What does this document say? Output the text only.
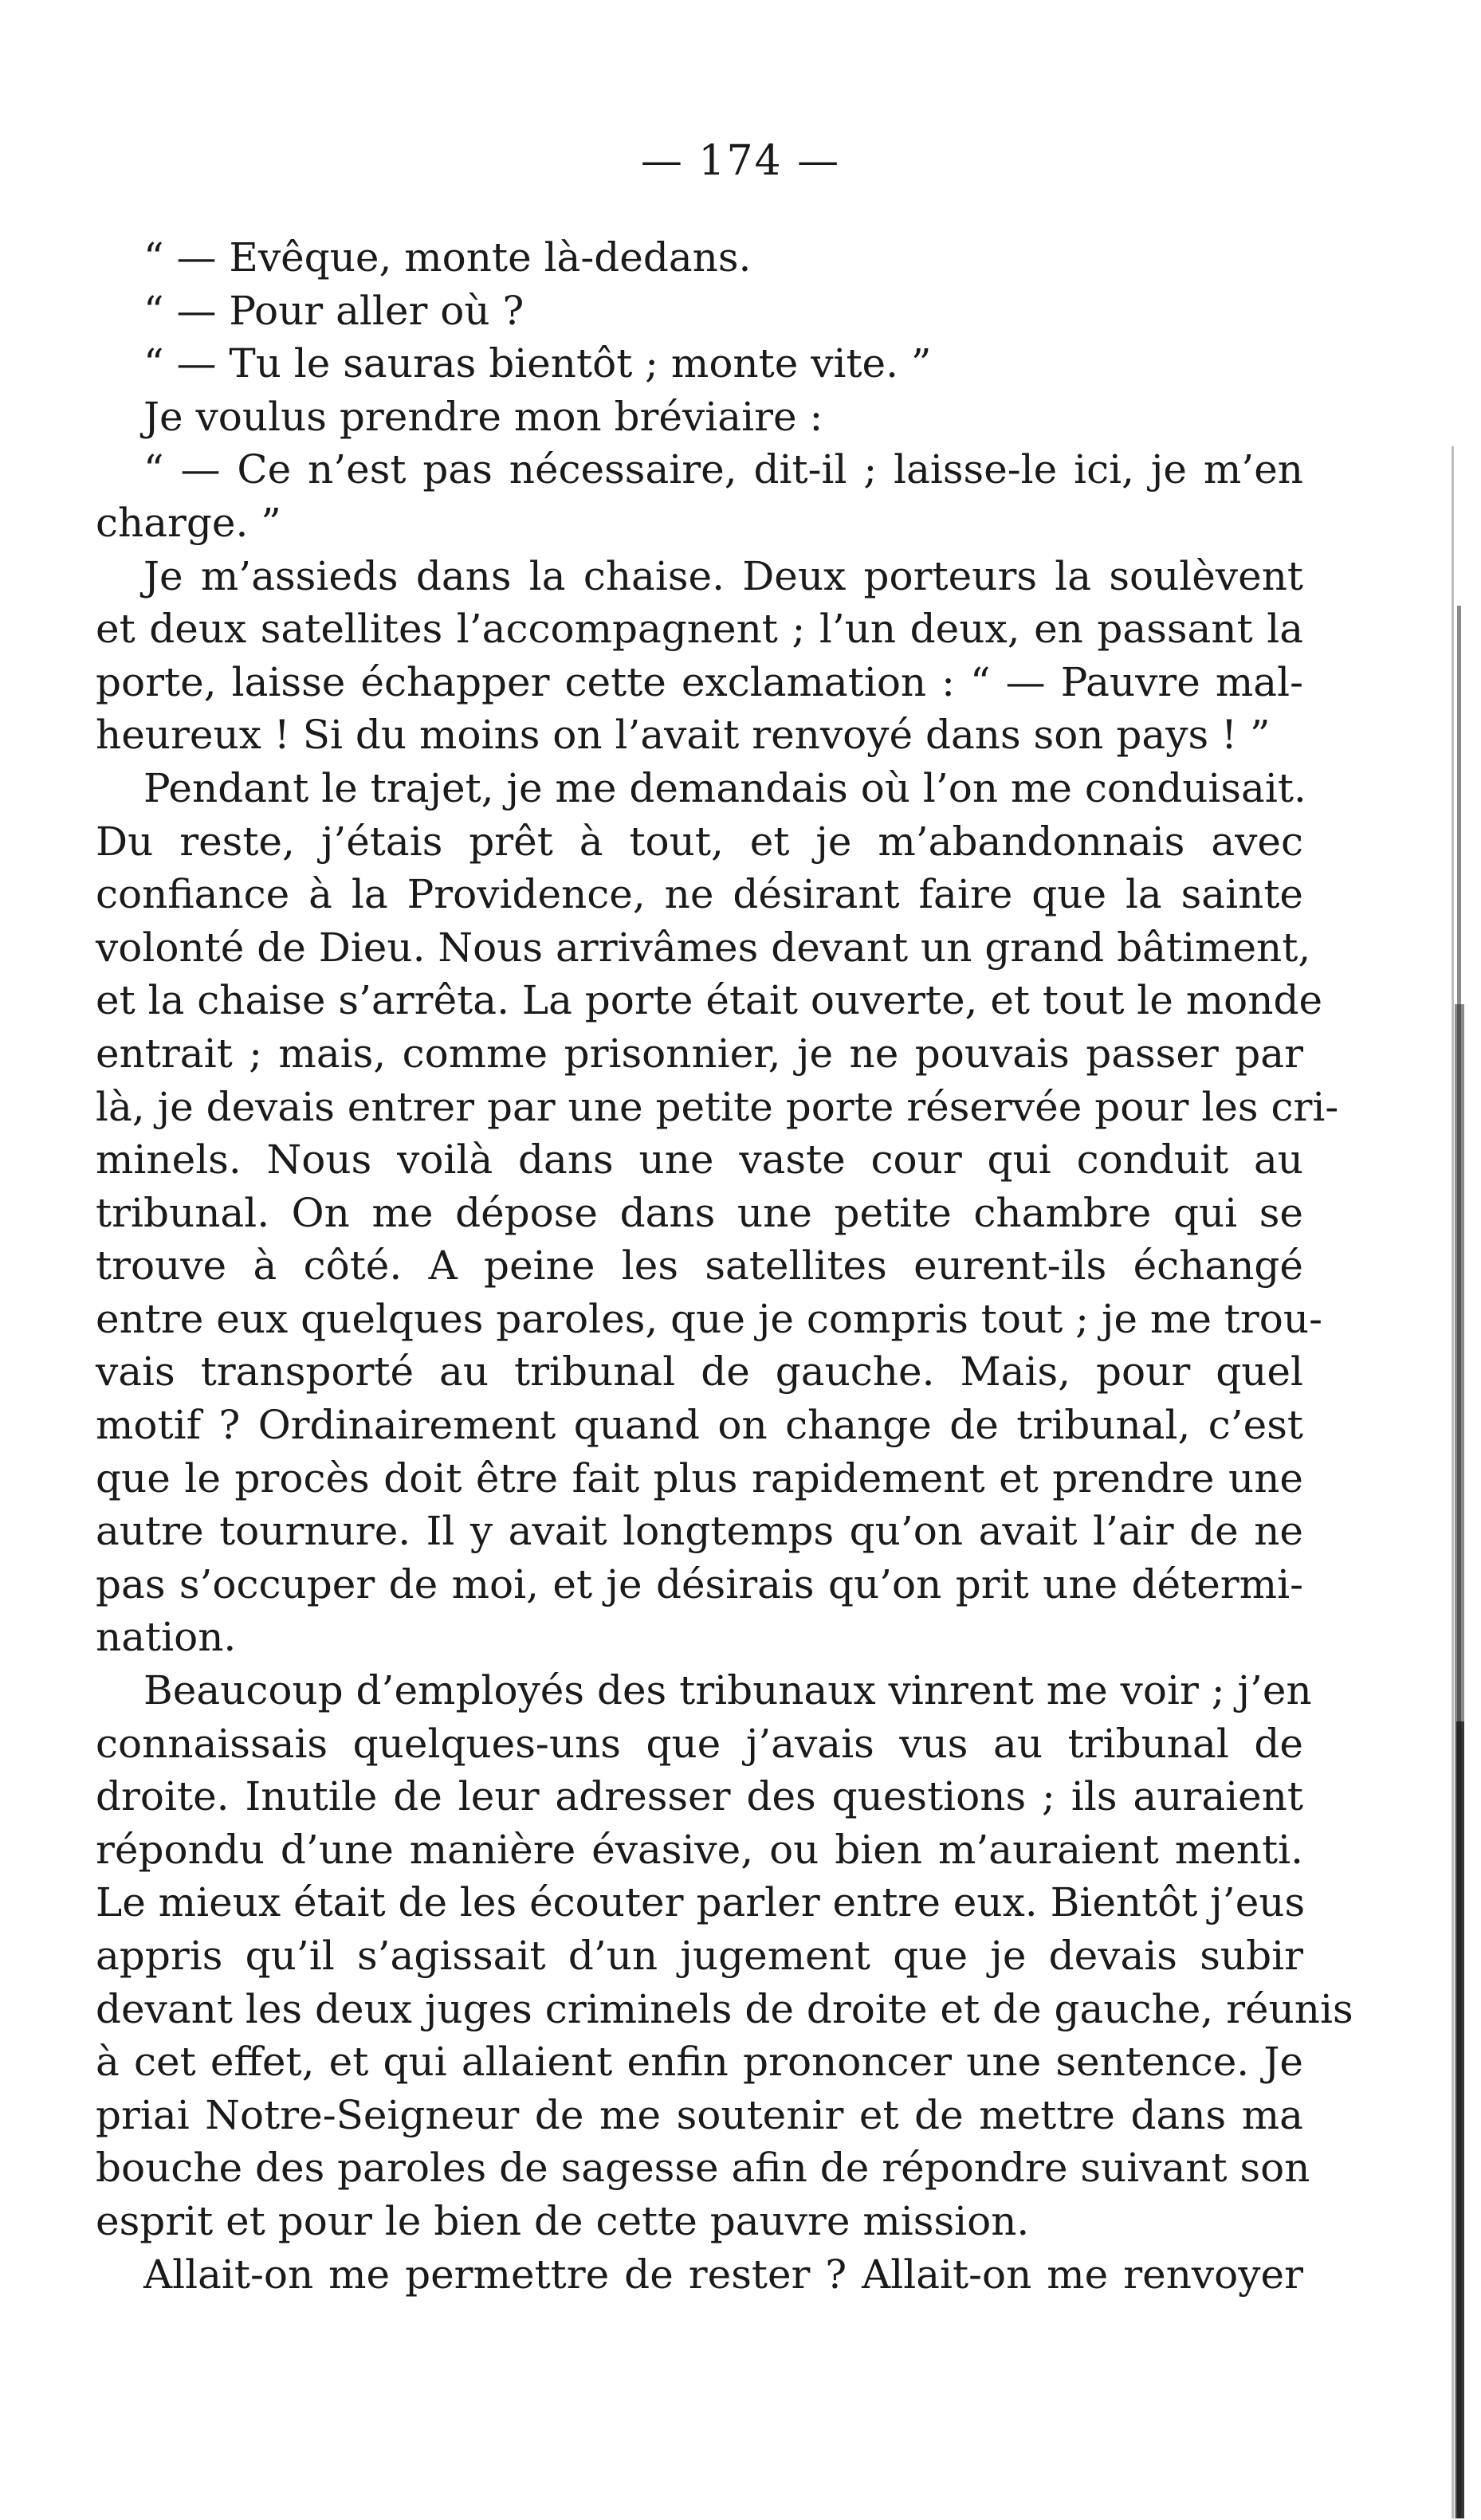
— 174 —
“ — Evêque, monte là-dedans.
“ — Pour aller où ?
“ — Tu le sauras bientôt ; monte vite. ”
Je voulus prendre mon bréviaire :
“ — Ce n’est pas nécessaire, dit-il ; laisse-le ici, je m’en
charge. ”
Je m’assieds dans la chaise. Deux porteurs la soulèvent
et deux satellites l’accompagnent ; l’un deux, en passant la
porte, laisse échapper cette exclamation : “ — Pauvre mal-
heureux ! Si du moins on l’avait renvoyé dans son pays ! ”
Pendant le trajet, je me demandais où l’on me conduisait.
Du reste, j’étais prêt à tout, et je m’abandonnais avec
confiance à la Providence, ne désirant faire que la sainte
volonté de Dieu. Nous arrivâmes devant un grand bâtiment,
et la chaise s’arrêta. La porte était ouverte, et tout le monde
entrait ; mais, comme prisonnier, je ne pouvais passer par
là, je devais entrer par une petite porte réservée pour les cri-
minels. Nous voilà dans une vaste cour qui conduit au
tribunal. On me dépose dans une petite chambre qui se
trouve à côté. A peine les satellites eurent-ils échangé
entre eux quelques paroles, que je compris tout ; je me trou-
vais transporté au tribunal de gauche. Mais, pour quel
motif ? Ordinairement quand on change de tribunal, c’est
que le procès doit être fait plus rapidement et prendre une
autre tournure. Il y avait longtemps qu’on avait l’air de ne
pas s’occuper de moi, et je désirais qu’on prit une détermi-
nation.
Beaucoup d’employés des tribunaux vinrent me voir ; j’en
connaissais quelques-uns que j’avais vus au tribunal de
droite. Inutile de leur adresser des questions ; ils auraient
répondu d’une manière évasive, ou bien m’auraient menti.
Le mieux était de les écouter parler entre eux. Bientôt j’eus
appris qu’il s’agissait d’un jugement que je devais subir
devant les deux juges criminels de droite et de gauche, réunis
à cet effet, et qui allaient enfin prononcer une sentence. Je
priai Notre-Seigneur de me soutenir et de mettre dans ma
bouche des paroles de sagesse afin de répondre suivant son
esprit et pour le bien de cette pauvre mission.
Allait-on me permettre de rester ? Allait-on me renvoyer
